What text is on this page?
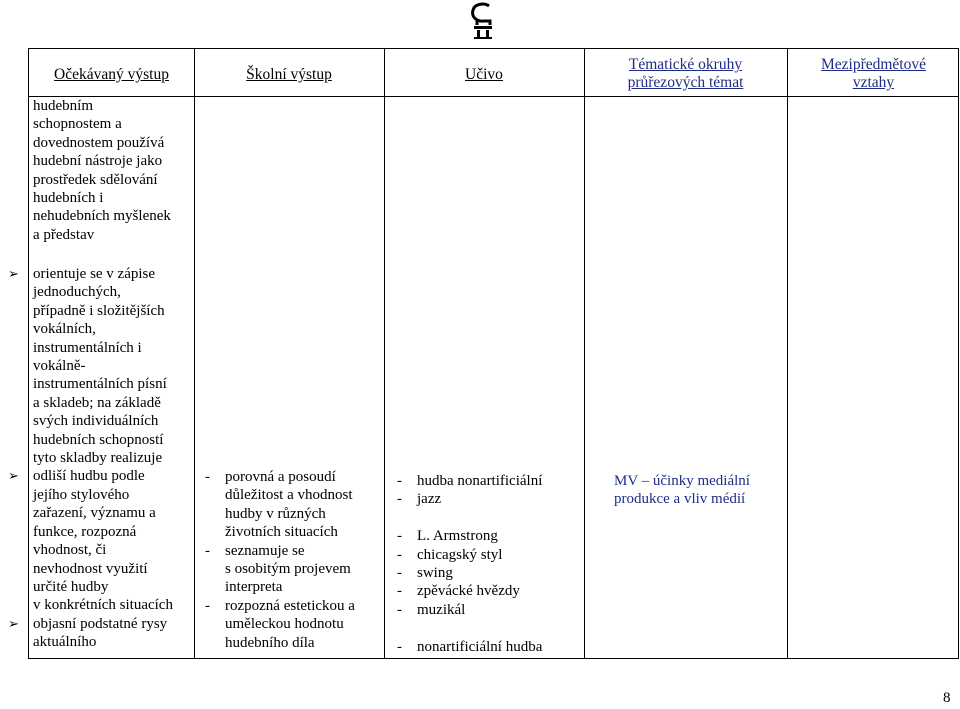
Očekávaný výstup	Školní výstup	Učivo
Tématické okruhy
průřezových témat
Mezipředmětové
vztahy

hudebním

schopnostem a

dovednostem používá

hudební nástroje jako

prostředek sdělování

hudebních i

nehudebních myšlenek

a představ

➢ orientuje se v zápise

jednoduchých,

případně i složitějších

vokálních,

instrumentálních i

vokálně-

instrumentálních písní

a skladeb; na základě

svých individuálních

hudebních schopností

tyto skladby realizuje

➢ odliší hudbu podle

jejího stylového

zařazení, významu a

funkce, rozpozná

vhodnost, či

nevhodnost využití

určité hudby

v konkrétních situacích

➢ objasní podstatné rysy

aktuálního

- porovná a posoudí

důležitost a vhodnost

hudby v různých

životních situacích

- seznamuje se

s osobitým projevem

interpreta

- rozpozná estetickou a

uměleckou hodnotu

hudebního díla

- hudba nonartificiální

- jazz

- L. Armstrong

- chicagský styl

- swing

- zpěvácké hvězdy

- muzikál

- nonartificiální hudba

MV – účinky mediální

produkce a vliv médií

8
